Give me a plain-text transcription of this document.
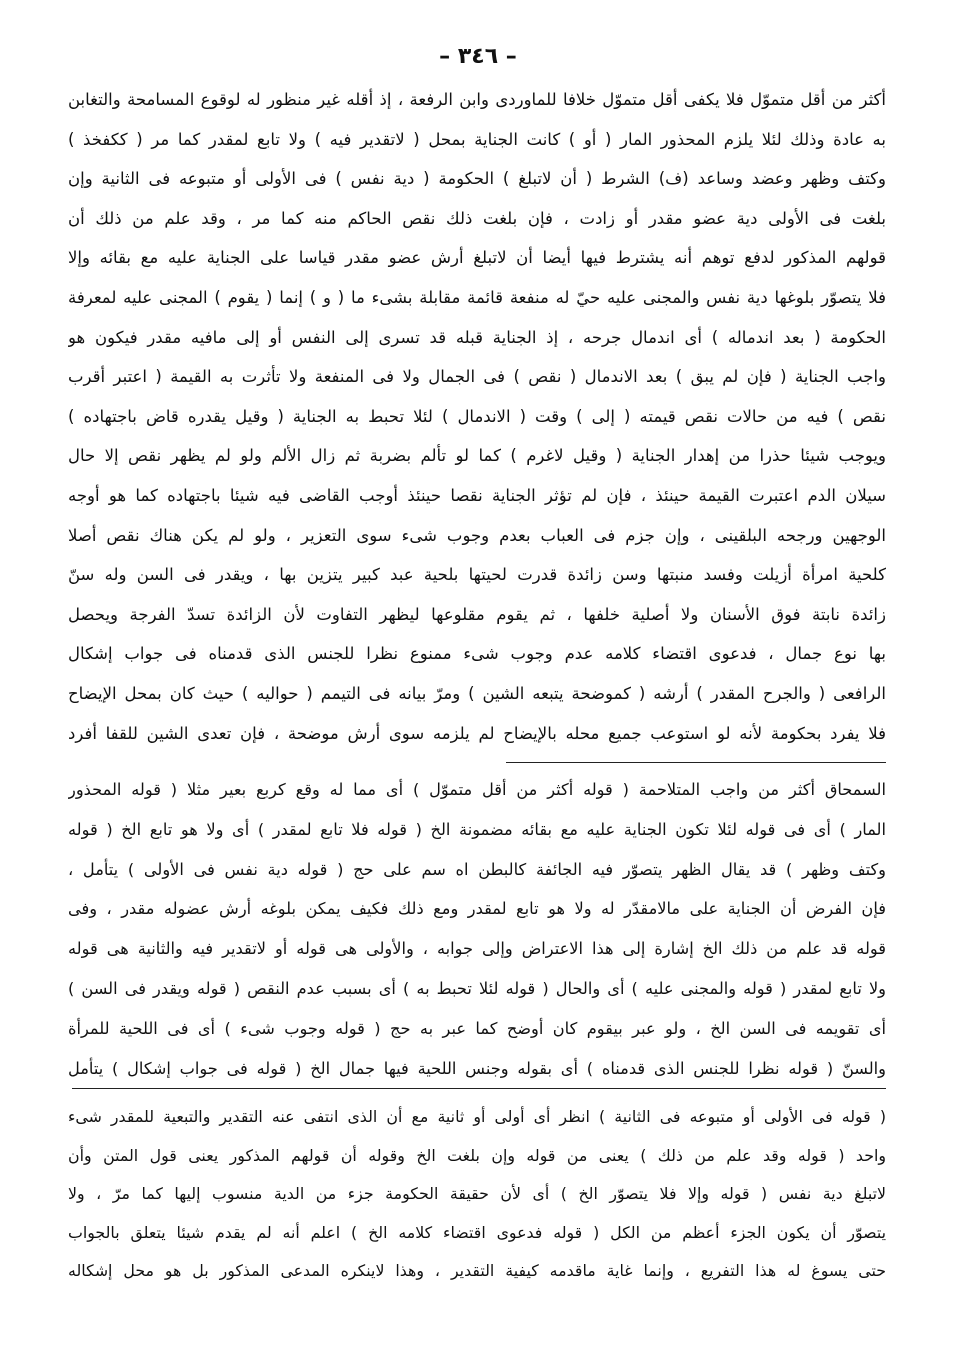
– ٣٤٦ –
أكثر من أقل متموّل فلا يكفى أقل متموّل خلافا للماوردى وابن الرفعة ، إذ أقله غير منظور له لوقوع المسامحة والتغابن
به عادة وذلك لئلا يلزم المحذور المار ( أو ) كانت الجناية بمحل ( لاتقدير فيه ) ولا تابع لمقدر كما مر ( ككفخذ )
وكتف وظهر وعضد وساعد (ف) الشرط ( أن لاتبلغ ) الحكومة ( دية نفس ) فى الأولى أو متبوعه فى الثانية وإن
بلغت فى الأولى دية عضو مقدر أو زادت ، فإن بلغت ذلك نقص الحاكم منه كما مر ، وقد علم من ذلك أن
قولهم المذكور لدفع توهم أنه يشترط فيها أيضا أن لاتبلغ أرش عضو مقدر قياسا على الجناية عليه مع بقائه وإلا
فلا يتصوّر بلوغها دية نفس والمجنى عليه حيّ له منفعة قائمة مقابلة بشىء ما ( و ) إنما ( يقوم ) المجنى عليه لمعرفة
الحكومة ( بعد اندماله ) أى اندمال جرحه ، إذ الجناية قبله قد تسرى إلى النفس أو إلى مافيه مقدر فيكون هو
واجب الجناية ( فإن لم يبق ) بعد الاندمال ( نقص ) فى الجمال ولا فى المنفعة ولا تأثرت به القيمة ( اعتبر أقرب
نقص ) فيه من حالات نقص قيمته ( إلى ) وقت ( الاندمال ) لئلا تحبط به الجناية ( وقيل يقدره قاض باجتهاده )
ويوجب شيئا حذرا من إهدار الجناية ( وقيل لاغرم ) كما لو تألم بضربة ثم زال الألم ولو لم يظهر نقص إلا حال
سيلان الدم اعتبرت القيمة حينئذ ، فإن لم تؤثر الجناية نقصا حينئذ أوجب القاضى فيه شيئا باجتهاده كما هو أوجه
الوجهين ورجحه البلقينى ، وإن جزم فى العباب بعدم وجوب شىء سوى التعزير ، ولو لم يكن هناك نقص أصلا
كلحية امرأة أزيلت وفسد منبتها وسن زائدة قدرت لحيتها بلحية عبد كبير يتزين بها ، ويقدر فى السن وله سنّ
زائدة نابتة فوق الأسنان ولا أصلية خلفها ، ثم يقوم مقلوعها ليظهر التفاوت لأن الزائدة تسدّ الفرجة ويحصل
بها نوع جمال ، فدعوى اقتضاء كلامه عدم وجوب شىء ممنوع نظرا للجنس الذى قدمناه فى جواب إشكال
الرافعى ( والجرح المقدر ) أرشه ( كموضحة يتبعه الشين ) ومرّ بيانه فى التيمم ( حواليه ) حيث كان بمحل الإيضاح
فلا يفرد بحكومة لأنه لو استوعب جميع محله بالإيضاح لم يلزمه سوى أرش موضحة ، فإن تعدى الشين للقفا أفرد
السمحاق أكثر من واجب المتلاحمة ( قوله أكثر من أقل متموّل ) أى مما له وقع كربع بعير مثلا ( قوله المحذور
المار ) أى فى قوله لئلا تكون الجناية عليه مع بقائه مضمونة الخ ( قوله فلا تابع لمقدر ) أى ولا هو تابع الخ ( قوله
وكتف وظهر ) قد يقال الظهر يتصوّر فيه الجائفة كالبطن اه سم على حج ( قوله دية نفس فى الأولى ) يتأمل ،
فإن الفرض أن الجناية على مالامقدّر له ولا هو تابع لمقدر ومع ذلك فكيف يمكن بلوغه أرش عضوله مقدر ، وفى
قوله قد علم من ذلك الخ إشارة إلى هذا الاعتراض وإلى جوابه ، والأولى هى قوله أو لاتقدير فيه والثانية هى قوله
ولا تابع لمقدر ( قوله والمجنى عليه ) أى والحال ( قوله لئلا تحبط به ) أى بسبب عدم النقص ( قوله ويقدر فى السن )
أى تقويمه فى السن الخ ، ولو عبر بيقوم كان أوضح كما عبر به حج ( قوله وجوب شىء ) أى فى اللحية للمرأة
والسنّ ( قوله نظرا للجنس الذى قدمناه ) أى بقوله وجنس اللحية فيها جمال الخ ( قوله فى جواب إشكال ) يتأمل
( قوله فى الأولى أو متبوعه فى الثانية ) انظر أى أولى أو ثانية مع أن الذى انتفى عنه التقدير والتبعية للمقدر شىء
واحد ( قوله وقد علم من ذلك ) يعنى من قوله وإن بلغت الخ وقوله أن قولهم المذكور يعنى قول المتن وأن
لاتبلغ دية نفس ( قوله وإلا فلا يتصوّر الخ ) أى لأن حقيقة الحكومة جزء من الدية منسوب إليها كما مرّ ، ولا
يتصوّر أن يكون الجزء أعظم من الكل ( قوله فدعوى اقتضاء كلامه الخ ) اعلم أنه لم يقدم شيئا يتعلق بالجواب
حتى يسوغ له هذا التفريع ، وإنما غاية ماقدمه كيفية التقدير ، وهذا لاينكره المدعى المذكور بل هو محل إشكاله
